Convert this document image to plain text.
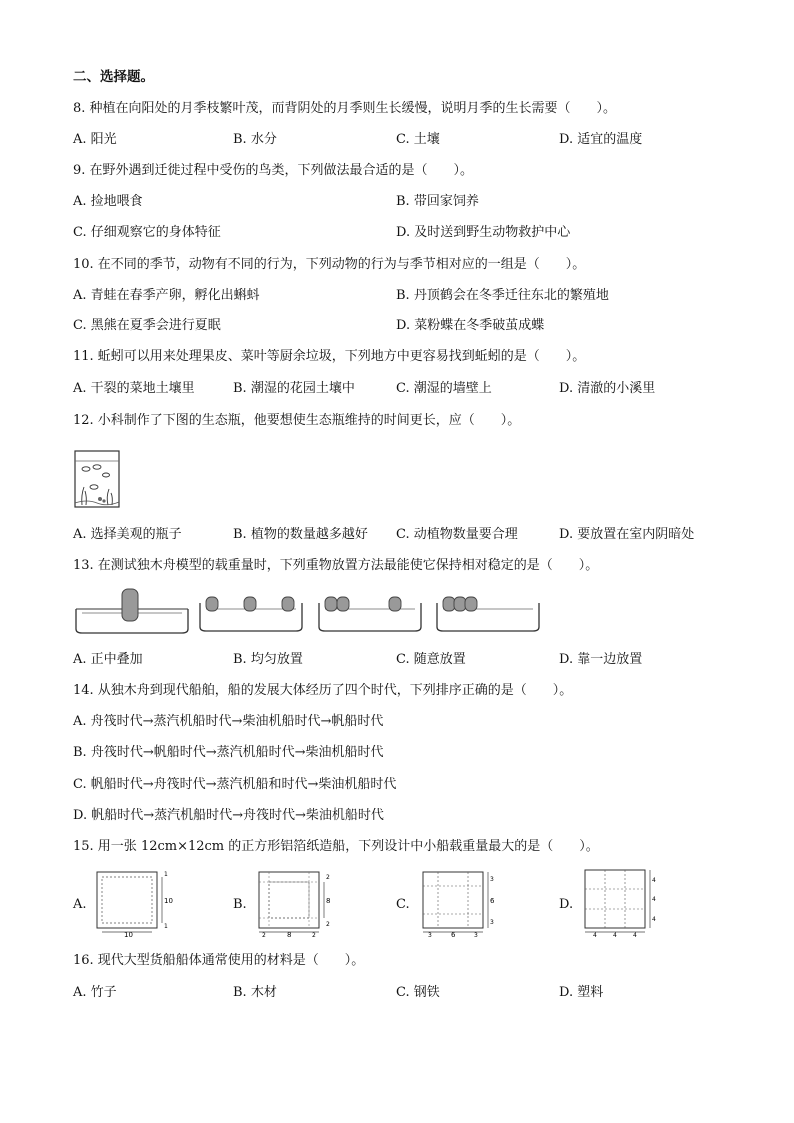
二、选择题。
8. 种植在向阳处的月季枝繁叶茂，而背阴处的月季则生长缓慢，说明月季的生长需要（　　）。
A. 阳光	B. 水分	C. 土壤	D. 适宜的温度
9. 在野外遇到迁徙过程中受伤的鸟类，下列做法最合适的是（　　）。
A. 捡地喂食	B. 带回家饲养
C. 仔细观察它的身体特征	D. 及时送到野生动物救护中心
10. 在不同的季节，动物有不同的行为，下列动物的行为与季节相对应的一组是（　　）。
A. 青蛙在春季产卵，孵化出蝌蚪	B. 丹顶鹤会在冬季迁往东北的繁殖地
C. 黑熊在夏季会进行夏眠	D. 菜粉蝶在冬季破茧成蝶
11. 蚯蚓可以用来处理果皮、菜叶等厨余垃圾，下列地方中更容易找到蚯蚓的是（　　）。
A. 干裂的菜地土壤里	B. 潮湿的花园土壤中	C. 潮湿的墙壁上	D. 清澈的小溪里
12. 小科制作了下图的生态瓶，他要想使生态瓶维持的时间更长，应（　　）。
A. 选择美观的瓶子	B. 植物的数量越多越好 C. 动植物数量要合理	D. 要放置在室内阴暗处
13. 在测试独木舟模型的载重量时，下列重物放置方法最能使它保持相对稳定的是（　　）。
A. 正中叠加	B. 均匀放置	C. 随意放置	D. 靠一边放置
14. 从独木舟到现代船舶，船的发展大体经历了四个时代，下列排序正确的是（　　）。
A. 舟筏时代→蒸汽机船时代→柴油机船时代→帆船时代
B. 舟筏时代→帆船时代→蒸汽机船时代→柴油机船时代
C. 帆船时代→舟筏时代→蒸汽机船和时代→柴油机船时代
D. 帆船时代→蒸汽机船时代→舟筏时代→柴油机船时代
15. 用一张 12cm×12cm 的正方形铝箔纸造船，下列设计中小船载重量最大的是（　　）。
A.	B.	C.	D.
10
10
1
1
8
8
2
2
2	2
3
6
3
3	6	3
4
4
4
4	4	4
16. 现代大型货船船体通常使用的材料是（　　）。
A. 竹子	B. 木材	C. 钢铁	D. 塑料
